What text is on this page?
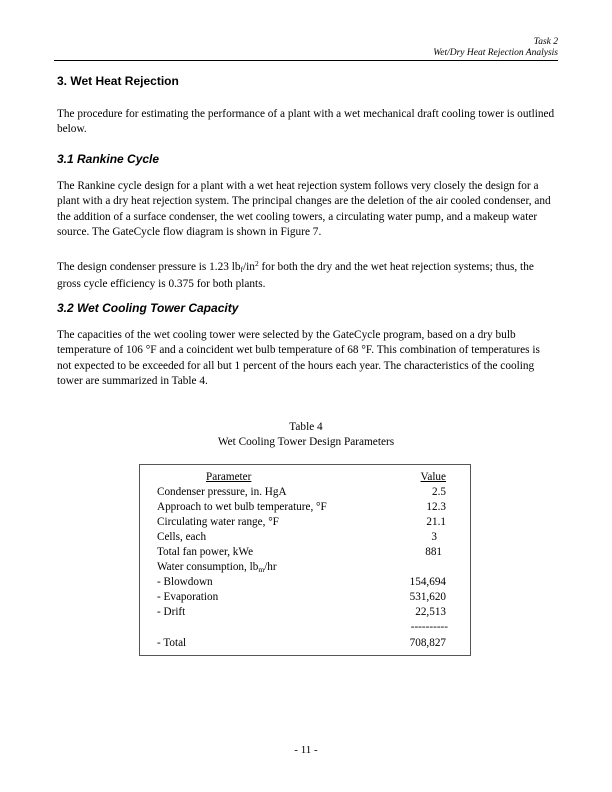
Task 2
Wet/Dry Heat Rejection Analysis
3. Wet Heat Rejection

The procedure for estimating the performance of a plant with a wet mechanical draft cooling tower is outlined below.

3.1 Rankine Cycle

The Rankine cycle design for a plant with a wet heat rejection system follows very closely the design for a plant with a dry heat rejection system. The principal changes are the deletion of the air cooled condenser, and the addition of a surface condenser, the wet cooling towers, a circulating water pump, and a makeup water source. The GateCycle flow diagram is shown in Figure 7.

The design condenser pressure is 1.23 $lb_f/in^2$ for both the dry and the wet heat rejection systems; thus, the gross cycle efficiency is 0.375 for both plants.

3.2 Wet Cooling Tower Capacity

The capacities of the wet cooling tower were selected by the GateCycle program, based on a dry bulb temperature of 106 °F and a coincident wet bulb temperature of 68 °F. This combination of temperatures is not expected to be exceeded for all but 1 percent of the hours each year. The characteristics of the cooling tower are summarized in Table 4.

Table 4
Wet Cooling Tower Design Parameters
Parameter	Value
Condenser pressure, in. HgA	2.5
Approach to wet bulb temperature, °F	12.3
Circulating water range, °F	21.1
Cells, each	3
Total fan power, kWe	881
Water consumption, $lb_m/hr$
- Blowdown	154,694
- Evaporation	531,620
- Drift	22,513
----------
- Total	708,827
- 11 -
